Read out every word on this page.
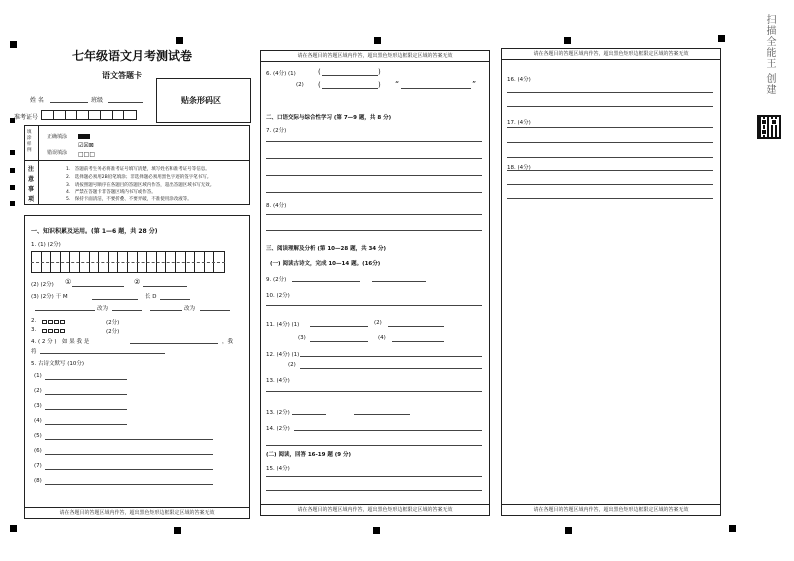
七年级语文月考测试卷
语文答题卡
贴条形码区
姓 名	班级
准考证号
填涂样例
正确填涂
错误填涂
☑☒⊠
□□□
注意事项
1.　答题前考生务必将准考证号填写清楚，填写姓名和准考证号等信息。
2.　选择题必须用2B铅笔填涂；非选择题必须用黑色字迹的签字笔书写。
3.　请按照题号顺序在各题目的答题区域内作答，超出答题区域书写无效。
4.　严禁在答题卡非答题区域内书写或作答。
5.　保持卡面清洁，不要折叠、不要弄破，不准使用涂改液等。
请在各题目的答题区域内作答，超出黑色矩形边框限定区域的答案无效
一、知识积累及运用。(第 1—6 题，共 28 分)
1. (1) (2分)
(2) (2分) ①	②
(3) (2分) 干 M	长 D
改为	改为
2.	(2分)
3.	(2分)
4. ( 2 分 )　如 果 我 是	，我
将
5. 古诗文默写 (10分)
(1)
(2)
(3)
(4)
(5)
(6)
(7)
(8)
请在各题目的答题区域内作答，超出黑色矩形边框限定区域的答案无效
请在各题目的答题区域内作答，超出黑色矩形边框限定区域的答案无效
6. (4分) (1)	(	)
(2) (	) “	”
二、口语交际与综合性学习 (第 7—9 题，共 8 分)
7. (2分)
8. (4分)
三、阅读理解及分析 (第 10—28 题，共 34 分)
(一) 阅读古诗文，完成 10—14 题。(16分)
9. (2分)
10. (2分)
11. (4分) (1)	(2)
(3)	(4)
12. (4分) (1)
(2)
13. (4分)
13. (2分)
14. (2分)
(二) 阅读，回答 16-19 题 (9 分)
15. (4分)
请在各题目的答题区域内作答，超出黑色矩形边框限定区域的答案无效
请在各题目的答题区域内作答，超出黑色矩形边框限定区域的答案无效
16. (4分)
17. (4分)
18. (4分)
扫描全能王 创建
